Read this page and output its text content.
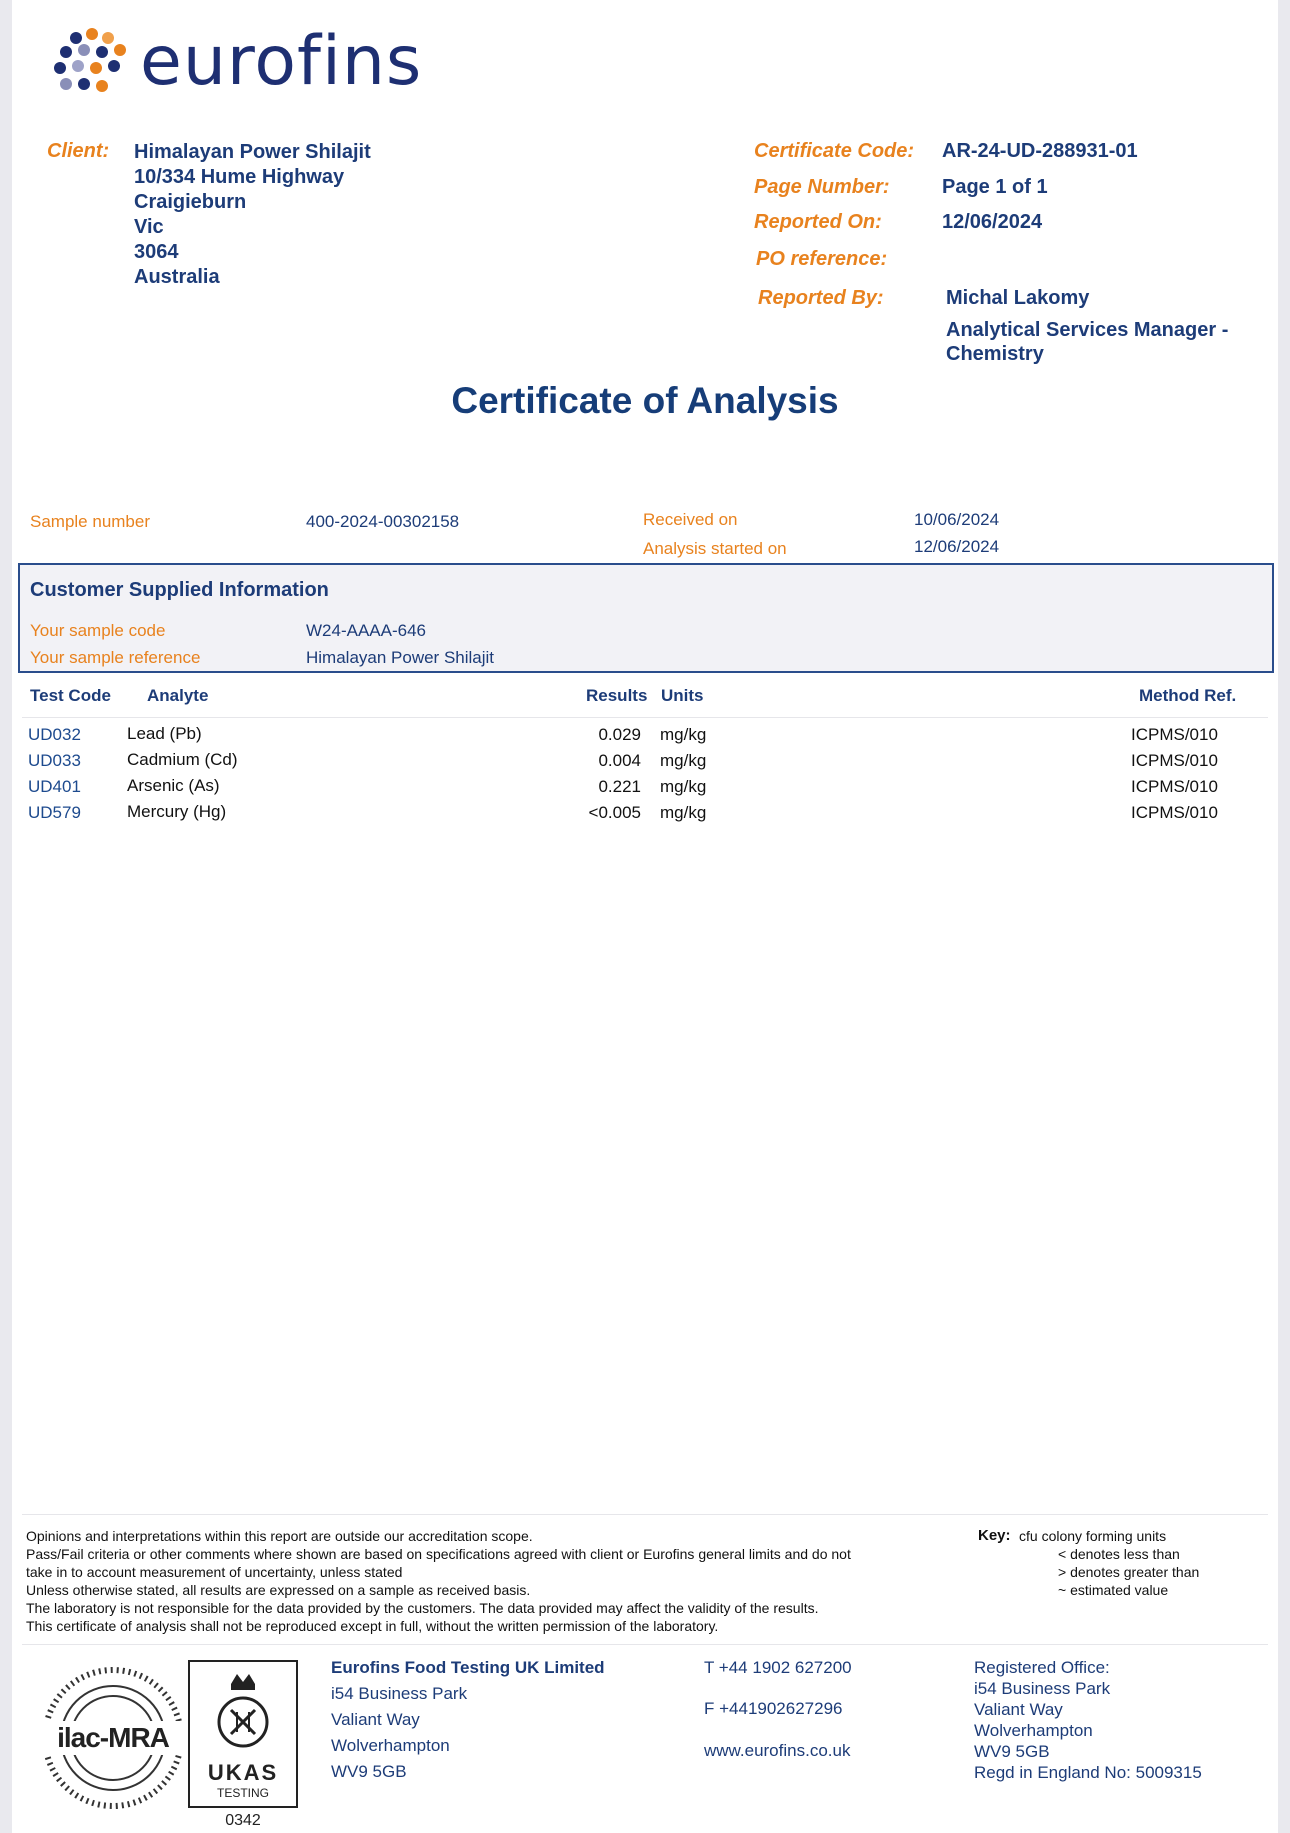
eurofins
Client: Himalayan Power Shilajit
10/334 Hume Highway
Craigieburn
Vic
3064
Australia
Certificate Code: AR-24-UD-288931-01
Page Number:	Page 1 of 1
Reported On:	12/06/2024
PO reference:
Reported By:	Michal Lakomy
Analytical Services Manager -
Chemistry
Certificate of Analysis
Sample number	400-2024-00302158	Received on	10/06/2024
Analysis started on	12/06/2024
Customer Supplied Information
Your sample code	W24-AAAA-646
Your sample reference	Himalayan Power Shilajit
Test Code Analyte	Results Units	Method Ref.
UD032	Lead (Pb)	0.029 mg/kg	ICPMS/010
UD033	Cadmium (Cd)	0.004 mg/kg	ICPMS/010
UD401	Arsenic (As)	0.221 mg/kg	ICPMS/010
UD579	Mercury (Hg)	<0.005 mg/kg	ICPMS/010
Opinions and interpretations within this report are outside our accreditation scope.
Pass/Fail criteria or other comments where shown are based on specifications agreed with client or Eurofins general limits and do not
take in to account measurement of uncertainty, unless stated
Unless otherwise stated, all results are expressed on a sample as received basis.
The laboratory is not responsible for the data provided by the customers. The data provided may affect the validity of the results.
This certificate of analysis shall not be reproduced except in full, without the written permission of the laboratory.
Key: cfu colony forming units
< denotes less than
> denotes greater than
~ estimated value
ilac-MRA
UKAS
TESTING
0342
Eurofins Food Testing UK Limited
i54 Business Park
Valiant Way
Wolverhampton
WV9 5GB
T +44 1902 627200
F +441902627296
www.eurofins.co.uk
Registered Office:
i54 Business Park
Valiant Way
Wolverhampton
WV9 5GB
Regd in England No: 5009315
